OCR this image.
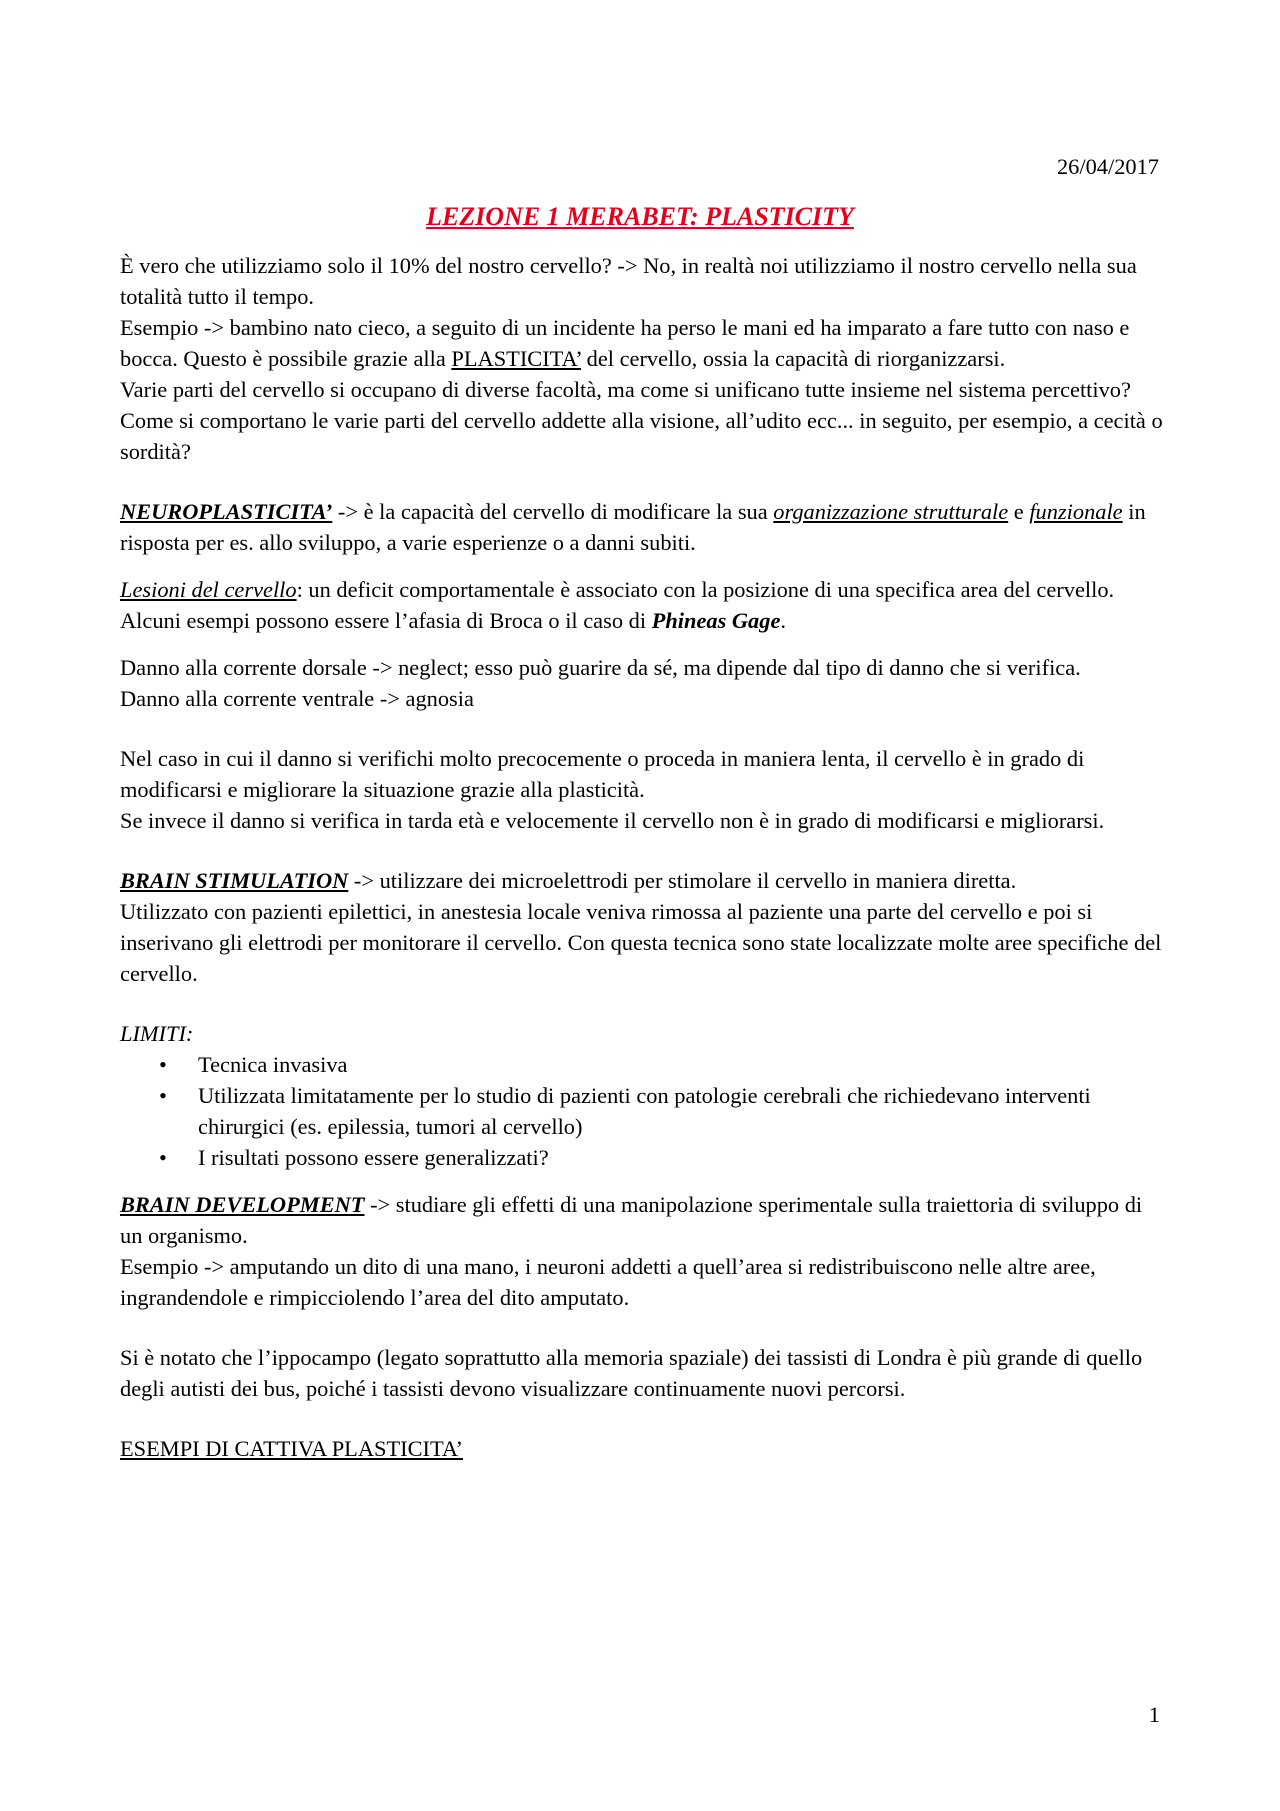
26/04/2017
LEZIONE 1 MERABET: PLASTICITY

È vero che utilizziamo solo il 10% del nostro cervello? -> No, in realtà noi utilizziamo il nostro cervello nella sua totalità tutto il tempo.

Esempio -> bambino nato cieco, a seguito di un incidente ha perso le mani ed ha imparato a fare tutto con naso e bocca. Questo è possibile grazie alla PLASTICITA’ del cervello, ossia la capacità di riorganizzarsi.

Varie parti del cervello si occupano di diverse facoltà, ma come si unificano tutte insieme nel sistema percettivo?

Come si comportano le varie parti del cervello addette alla visione, all’udito ecc... in seguito, per esempio, a cecità o sordità?

NEUROPLASTICITA’ -> è la capacità del cervello di modificare la sua organizzazione strutturale e funzionale in risposta per es. allo sviluppo, a varie esperienze o a danni subiti.

Lesioni del cervello: un deficit comportamentale è associato con la posizione di una specifica area del cervello. Alcuni esempi possono essere l’afasia di Broca o il caso di Phineas Gage.

Danno alla corrente dorsale -> neglect; esso può guarire da sé, ma dipende dal tipo di danno che si verifica.

Danno alla corrente ventrale -> agnosia

Nel caso in cui il danno si verifichi molto precocemente o proceda in maniera lenta, il cervello è in grado di modificarsi e migliorare la situazione grazie alla plasticità.

Se invece il danno si verifica in tarda età e velocemente il cervello non è in grado di modificarsi e migliorarsi.

BRAIN STIMULATION -> utilizzare dei microelettrodi per stimolare il cervello in maniera diretta.

Utilizzato con pazienti epilettici, in anestesia locale veniva rimossa al paziente una parte del cervello e poi si inserivano gli elettrodi per monitorare il cervello. Con questa tecnica sono state localizzate molte aree specifiche del cervello.

LIMITI:

• Tecnica invasiva
• Utilizzata limitatamente per lo studio di pazienti con patologie cerebrali che richiedevano interventi chirurgici (es. epilessia, tumori al cervello)
• I risultati possono essere generalizzati?

BRAIN DEVELOPMENT -> studiare gli effetti di una manipolazione sperimentale sulla traiettoria di sviluppo di un organismo.

Esempio -> amputando un dito di una mano, i neuroni addetti a quell’area si redistribuiscono nelle altre aree, ingrandendole e rimpicciolendo l’area del dito amputato.

Si è notato che l’ippocampo (legato soprattutto alla memoria spaziale) dei tassisti di Londra è più grande di quello degli autisti dei bus, poiché i tassisti devono visualizzare continuamente nuovi percorsi.

ESEMPI DI CATTIVA PLASTICITA’

1
